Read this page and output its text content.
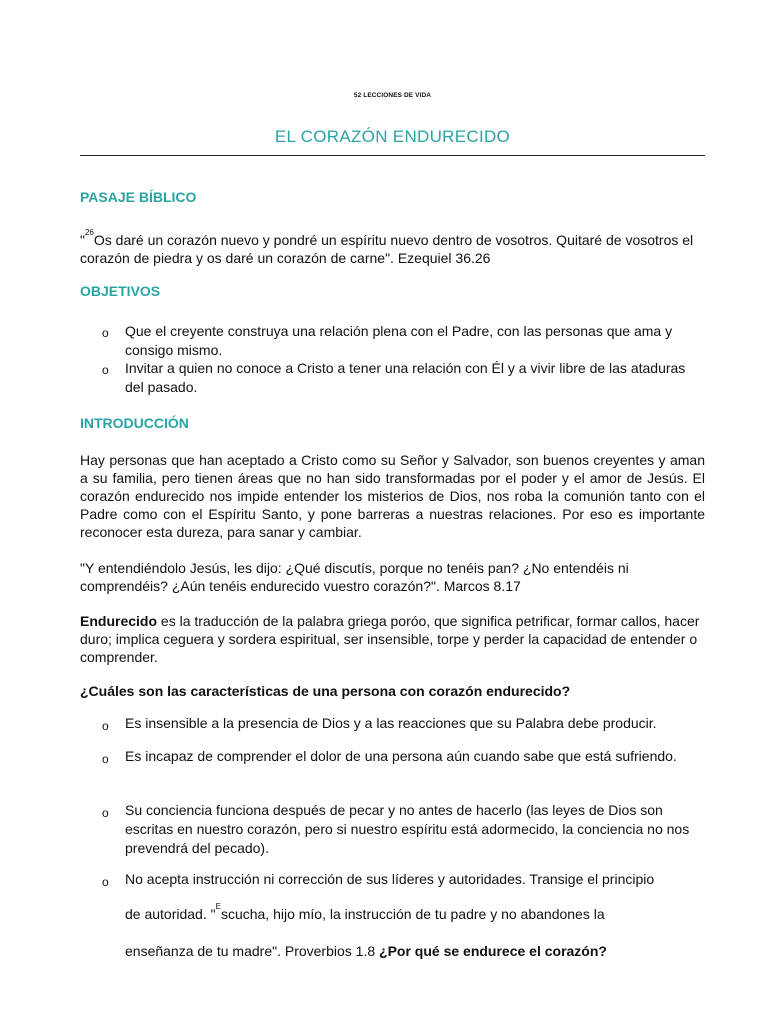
52 LECCIONES DE VIDA
EL CORAZÓN ENDURECIDO
PASAJE BÍBLICO
"$^{26}$Os daré un corazón nuevo y pondré un espíritu nuevo dentro de vosotros. Quitaré de vosotros el corazón de piedra y os daré un corazón de carne". Ezequiel 36.26
OBJETIVOS
o Que el creyente construya una relación plena con el Padre, con las personas que ama y consigo mismo.
o Invitar a quien no conoce a Cristo a tener una relación con Él y a vivir libre de las ataduras del pasado.
INTRODUCCIÓN
Hay personas que han aceptado a Cristo como su Señor y Salvador, son buenos creyentes y aman a su familia, pero tienen áreas que no han sido transformadas por el poder y el amor de Jesús. El corazón endurecido nos impide entender los misterios de Dios, nos roba la comunión tanto con el Padre como con el Espíritu Santo, y pone barreras a nuestras relaciones. Por eso es importante reconocer esta dureza, para sanar y cambiar.
"Y entendiéndolo Jesús, les dijo: ¿Qué discutís, porque no tenéis pan? ¿No entendéis ni comprendéis? ¿Aún tenéis endurecido vuestro corazón?". Marcos 8.17
Endurecido es la traducción de la palabra griega poróo, que significa petrificar, formar callos, hacer duro; implica ceguera y sordera espiritual, ser insensible, torpe y perder la capacidad de entender o comprender.
¿Cuáles son las características de una persona con corazón endurecido?
o Es insensible a la presencia de Dios y a las reacciones que su Palabra debe producir.
o Es incapaz de comprender el dolor de una persona aún cuando sabe que está sufriendo.
o Su conciencia funciona después de pecar y no antes de hacerlo (las leyes de Dios son escritas en nuestro corazón, pero si nuestro espíritu está adormecido, la conciencia no nos prevendrá del pecado).
o No acepta instrucción ni corrección de sus líderes y autoridades. Transige el principio
de autoridad. "$^E$scucha, hijo mío, la instrucción de tu padre y no abandones la
enseñanza de tu madre". Proverbios 1.8 ¿Por qué se endurece el corazón?
